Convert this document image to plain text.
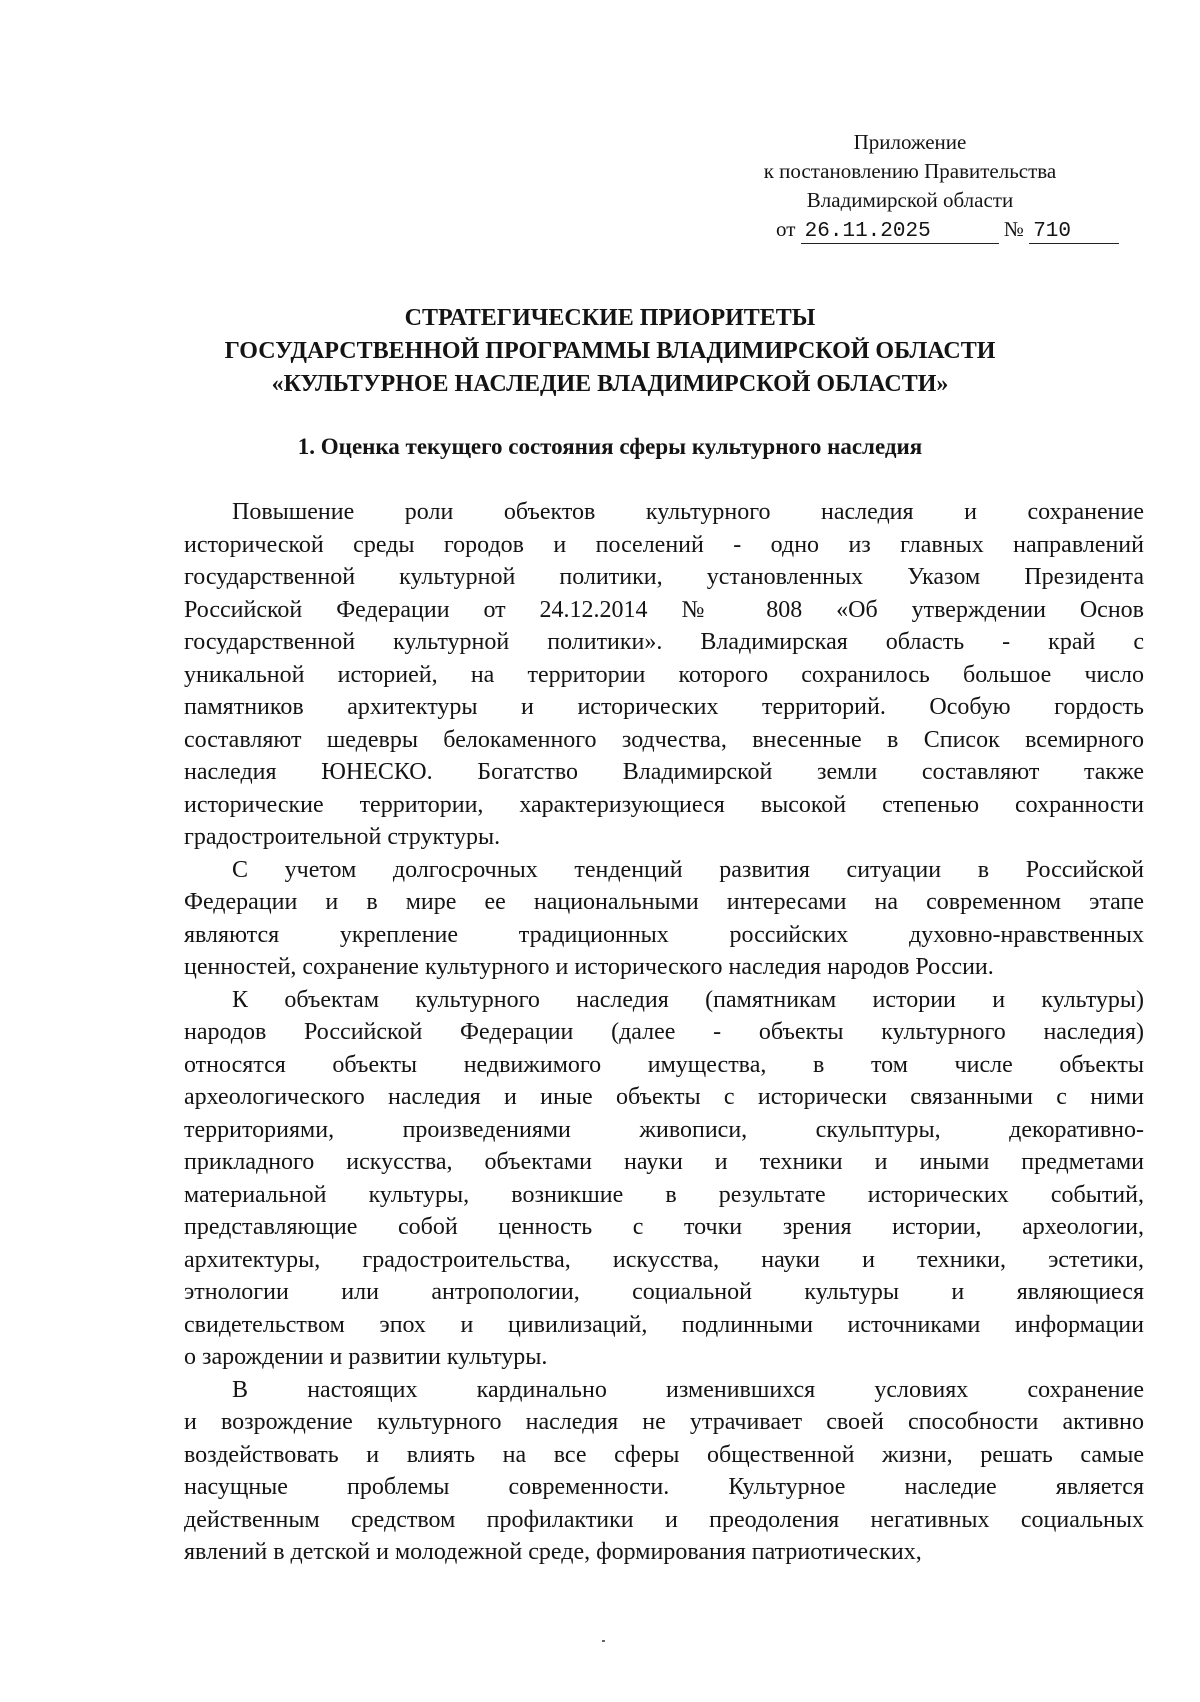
Приложение
к постановлению Правительства
Владимирской области
от 26.11.2025	№ 710
СТРАТЕГИЧЕСКИЕ ПРИОРИТЕТЫ
ГОСУДАРСТВЕННОЙ ПРОГРАММЫ ВЛАДИМИРСКОЙ ОБЛАСТИ
«КУЛЬТУРНОЕ НАСЛЕДИЕ ВЛАДИМИРСКОЙ ОБЛАСТИ»
1. Оценка текущего состояния сферы культурного наследия
Повышение роли объектов культурного наследия и сохранение
исторической среды городов и поселений - одно из главных направлений
государственной культурной политики, установленных Указом Президента
Российской Федерации от 24.12.2014 № 808 «Об утверждении Основ
государственной культурной политики». Владимирская область - край с
уникальной историей, на территории которого сохранилось большое число
памятников архитектуры и исторических территорий. Особую гордость
составляют шедевры белокаменного зодчества, внесенные в Список всемирного
наследия ЮНЕСКО. Богатство Владимирской земли составляют также
исторические территории, характеризующиеся высокой степенью сохранности
градостроительной структуры.
С учетом долгосрочных тенденций развития ситуации в Российской
Федерации и в мире ее национальными интересами на современном этапе
являются укрепление традиционных российских духовно-нравственных
ценностей, сохранение культурного и исторического наследия народов России.
К объектам культурного наследия (памятникам истории и культуры)
народов Российской Федерации (далее - объекты культурного наследия)
относятся объекты недвижимого имущества, в том числе объекты
археологического наследия и иные объекты с исторически связанными с ними
территориями, произведениями живописи, скульптуры, декоративно-
прикладного искусства, объектами науки и техники и иными предметами
материальной культуры, возникшие в результате исторических событий,
представляющие собой ценность с точки зрения истории, археологии,
архитектуры, градостроительства, искусства, науки и техники, эстетики,
этнологии или антропологии, социальной культуры и являющиеся
свидетельством эпох и цивилизаций, подлинными источниками информации
о зарождении и развитии культуры.
В настоящих кардинально изменившихся условиях сохранение
и возрождение культурного наследия не утрачивает своей способности активно
воздействовать и влиять на все сферы общественной жизни, решать самые
насущные проблемы современности. Культурное наследие является
действенным средством профилактики и преодоления негативных социальных
явлений в детской и молодежной среде, формирования патриотических,
